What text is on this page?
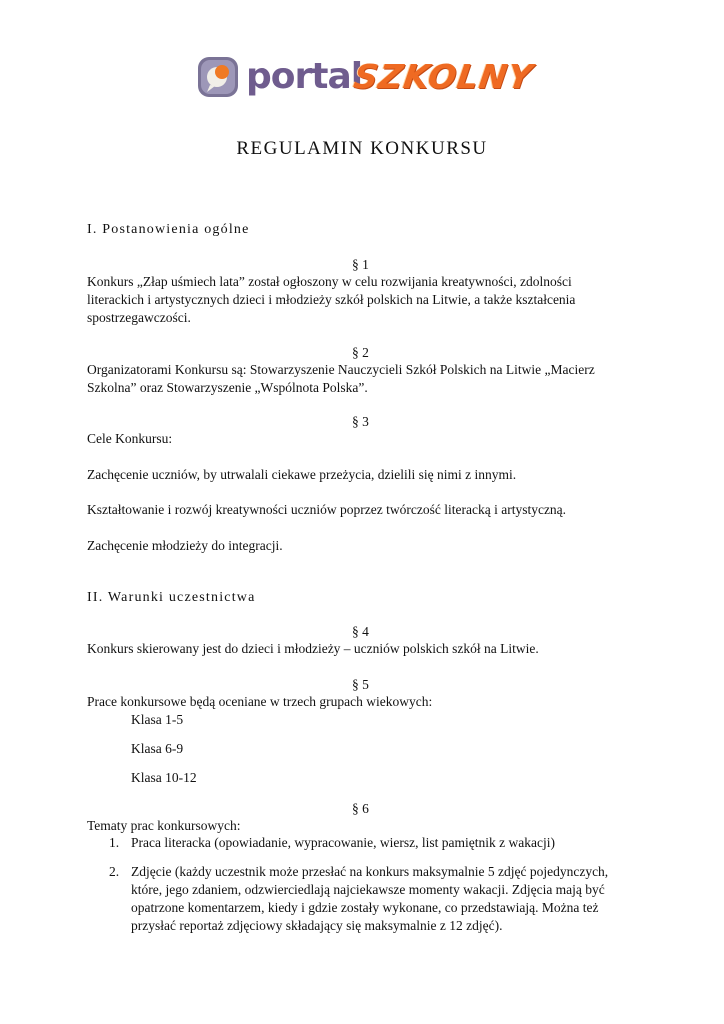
portal
SZKOLNY
REGULAMIN KONKURSU
I. Postanowienia ogólne
§ 1
Konkurs „Złap uśmiech lata” został ogłoszony w celu rozwijania kreatywności, zdolności literackich i artystycznych dzieci i młodzieży szkół polskich na Litwie, a także kształcenia spostrzegawczości.
§ 2
Organizatorami Konkursu są: Stowarzyszenie Nauczycieli Szkół Polskich na Litwie „Macierz Szkolna” oraz Stowarzyszenie „Wspólnota Polska”.
§ 3
Cele Konkursu:
Zachęcenie uczniów, by utrwalali ciekawe przeżycia, dzielili się nimi z innymi.
Kształtowanie i rozwój kreatywności uczniów poprzez twórczość literacką i artystyczną.
Zachęcenie młodzieży do integracji.
II. Warunki uczestnictwa
§ 4
Konkurs skierowany jest do dzieci i młodzieży – uczniów polskich szkół na Litwie.
§ 5
Prace konkursowe będą oceniane w trzech grupach wiekowych:
Klasa 1-5
Klasa 6-9
Klasa 10-12
§ 6
Tematy prac konkursowych:
1. Praca literacka (opowiadanie, wypracowanie, wiersz, list pamiętnik z wakacji)
2. Zdjęcie (każdy uczestnik może przesłać na konkurs maksymalnie 5 zdjęć pojedynczych, które, jego zdaniem, odzwierciedlają najciekawsze momenty wakacji. Zdjęcia mają być opatrzone komentarzem, kiedy i gdzie zostały wykonane, co przedstawiają. Można też przysłać reportaż zdjęciowy składający się maksymalnie z 12 zdjęć).
